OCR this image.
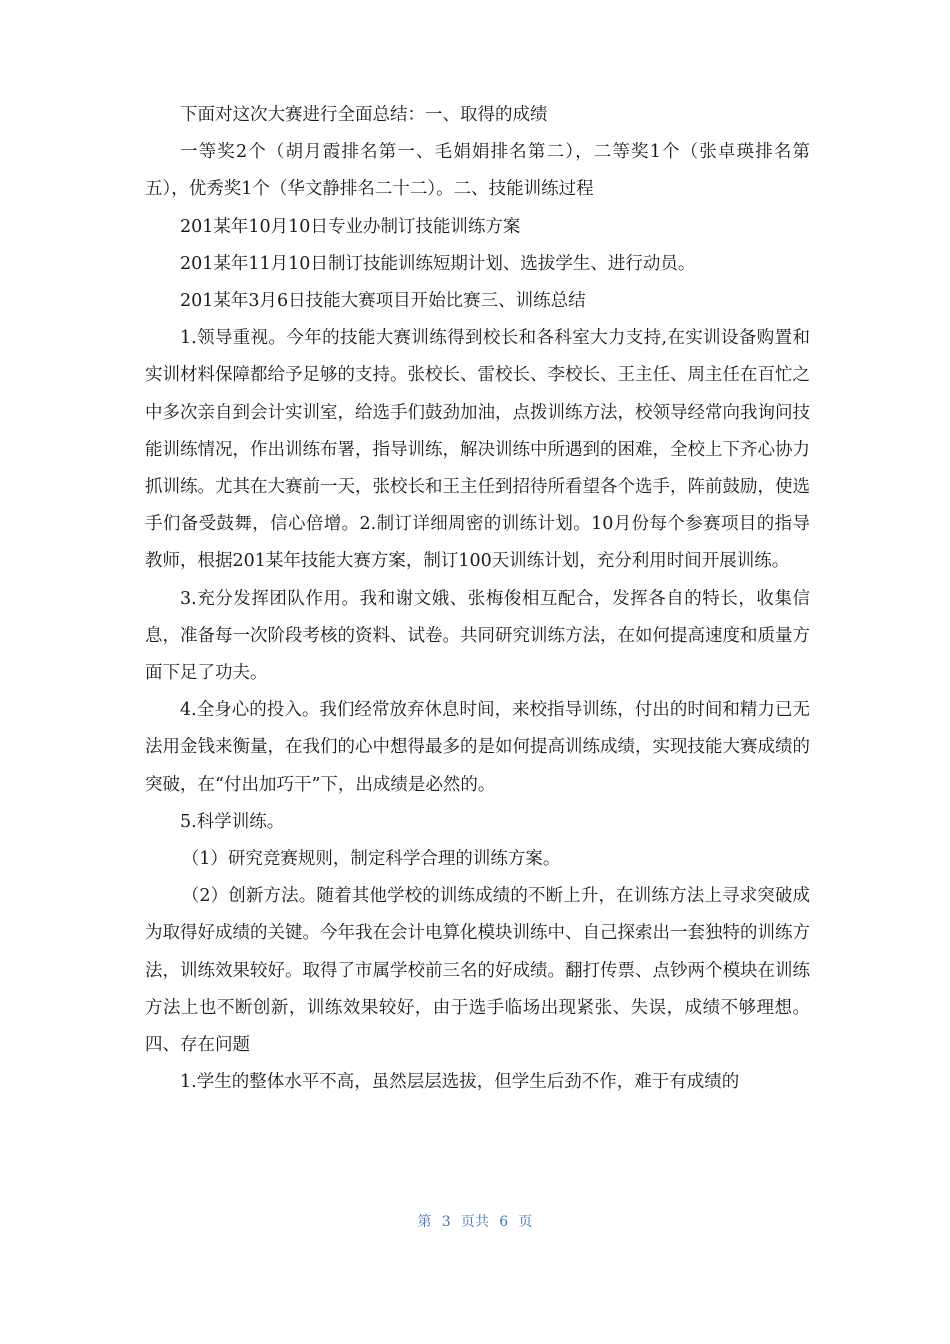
下面对这次大赛进行全面总结：一、取得的成绩

一等奖2个（胡月霞排名第一、毛娟娟排名第二），二等奖1个（张卓瑛排名第五），优秀奖1个（华文静排名二十二）。二、技能训练过程

201某年10月10日专业办制订技能训练方案

201某年11月10日制订技能训练短期计划、选拔学生、进行动员。

201某年3月6日技能大赛项目开始比赛三、训练总结

1.领导重视。今年的技能大赛训练得到校长和各科室大力支持,在实训设备购置和实训材料保障都给予足够的支持。张校长、雷校长、李校长、王主任、周主任在百忙之中多次亲自到会计实训室，给选手们鼓劲加油，点拨训练方法，校领导经常向我询问技能训练情况，作出训练布署，指导训练，解决训练中所遇到的困难，全校上下齐心协力抓训练。尤其在大赛前一天，张校长和王主任到招待所看望各个选手，阵前鼓励，使选手们备受鼓舞，信心倍增。2.制订详细周密的训练计划。10月份每个参赛项目的指导教师，根据201某年技能大赛方案，制订100天训练计划，充分利用时间开展训练。

3.充分发挥团队作用。我和谢文娥、张梅俊相互配合，发挥各自的特长，收集信息，准备每一次阶段考核的资料、试卷。共同研究训练方法，在如何提高速度和质量方面下足了功夫。

4.全身心的投入。我们经常放弃休息时间，来校指导训练，付出的时间和精力已无法用金钱来衡量，在我们的心中想得最多的是如何提高训练成绩，实现技能大赛成绩的突破，在“付出加巧干”下，出成绩是必然的。

5.科学训练。

（1）研究竞赛规则，制定科学合理的训练方案。

（2）创新方法。随着其他学校的训练成绩的不断上升，在训练方法上寻求突破成为取得好成绩的关键。今年我在会计电算化模块训练中、自己探索出一套独特的训练方法，训练效果较好。取得了市属学校前三名的好成绩。翻打传票、点钞两个模块在训练方法上也不断创新，训练效果较好，由于选手临场出现紧张、失误，成绩不够理想。四、存在问题

1.学生的整体水平不高，虽然层层选拔，但学生后劲不作，难于有成绩的

第 3 页共 6 页
